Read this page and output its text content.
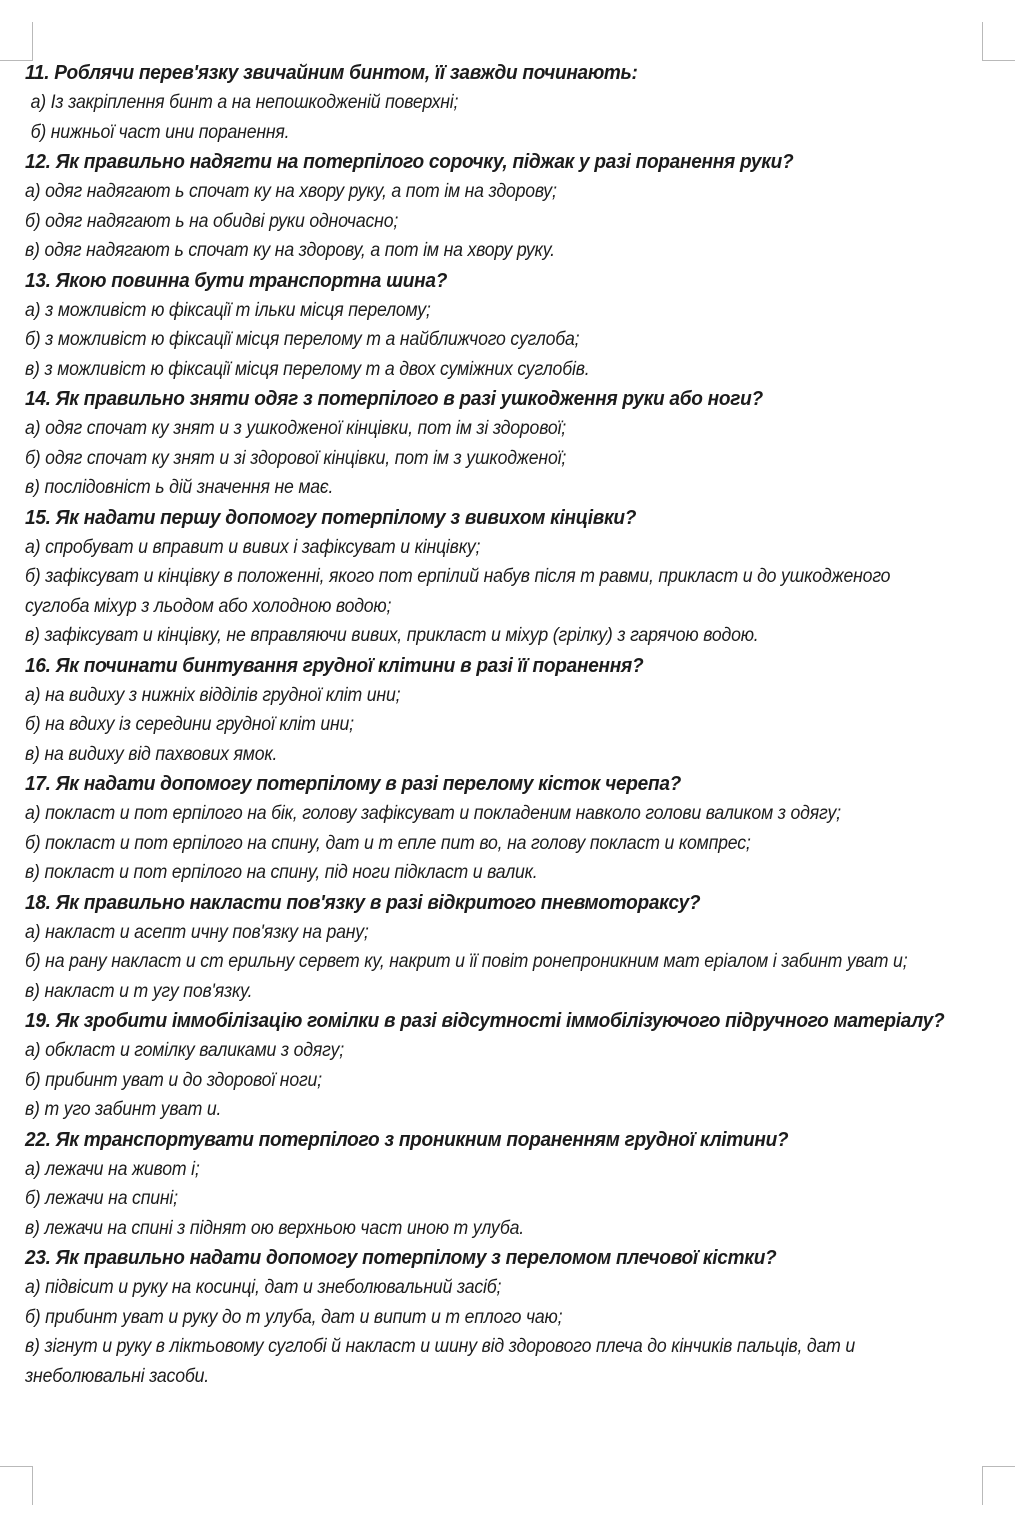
11. Роблячи перев'язку звичайним бинтом, її завжди починають:
а) Із закріплення бинт а на непошкодженій поверхні;
б) нижньої част ини поранення.
12. Як правильно надягти на потерпілого сорочку, піджак у разі поранення руки?
а) одяг надягают ь спочат ку на хвору руку, а пот ім на здорову;
б) одяг надягают ь на обидві руки одночасно;
в) одяг надягают ь спочат ку на здорову, а пот ім на хвору руку.
13. Якою повинна бути транспортна шина?
а) з можливіст ю фіксації т ільки місця перелому;
б) з можливіст ю фіксації місця перелому т а найближчого суглоба;
в) з можливіст ю фіксації місця перелому т а двох суміжних суглобів.
14. Як правильно зняти одяг з потерпілого в разі ушкодження руки або ноги?
а) одяг спочат ку знят и з ушкодженої кінцівки, пот ім зі здорової;
б) одяг спочат ку знят и зі здорової кінцівки, пот ім з ушкодженої;
в) послідовніст ь дій значення не має.
15. Як надати першу допомогу потерпілому з вивихом кінцівки?
а) спробуват и вправит и вивих і зафіксуват и кінцівку;
б) зафіксуват и кінцівку в положенні, якого пот ерпілий набув після т равми, приклаcт и до ушкодженого
суглоба міхур з льодом або холодною водою;
в) зафіксуват и кінцівку, не вправляючи вивих, приклаcт и міхур (грілку) з гарячою водою.
16. Як починати бинтування грудної клітини в разі її поранення?
а) на видиху з нижніх відділів грудної кліт ини;
б) на вдиху із середини грудної кліт ини;
в) на видиху від пахвових ямок.
17. Як надати допомогу потерпілому в разі перелому кісток черепа?
а) поклаcт и пот ерпілого на бік, голову зафіксуват и покладеним навколо голови валиком з одягу;
б) поклаcт и пот ерпілого на спину, дат и т епле пит во, на голову поклаcт и компрес;
в) поклаcт и пот ерпілого на спину, під ноги підклаcт и валик.
18. Як правильно накласти пов'язку в разі відкритого пневмотораксу?
а) наклаcт и асепт ичну пов'язку на рану;
б) на рану наклаcт и ст ерильну сервет ку, накрит и її повіт ронепроникним мат еріалом і забинт уват и;
в) наклаcт и т угу пов'язку.
19. Як зробити іммобілізацію гомілки в разі відсутності іммобілізуючого підручного матеріалу?
а) обклаcт и гомілку валиками з одягу;
б) прибинт уват и до здорової ноги;
в) т уго забинт уват и.
22. Як транспортувати потерпілого з проникним пораненням грудної клітини?
а) лежачи на живот і;
б) лежачи на спині;
в) лежачи на спині з піднят ою верхньою част иною т улуба.
23. Як правильно надати допомогу потерпілому з переломом плечової кістки?
а) підвісит и руку на косинці, дат и знеболювальний засіб;
б) прибинт уват и руку до т улуба, дат и випит и т еплого чаю;
в) зігнут и руку в ліктьовому суглобі й наклаcт и шину від здорового плеча до кінчиків пальців, дат и
знеболювальні засоби.
